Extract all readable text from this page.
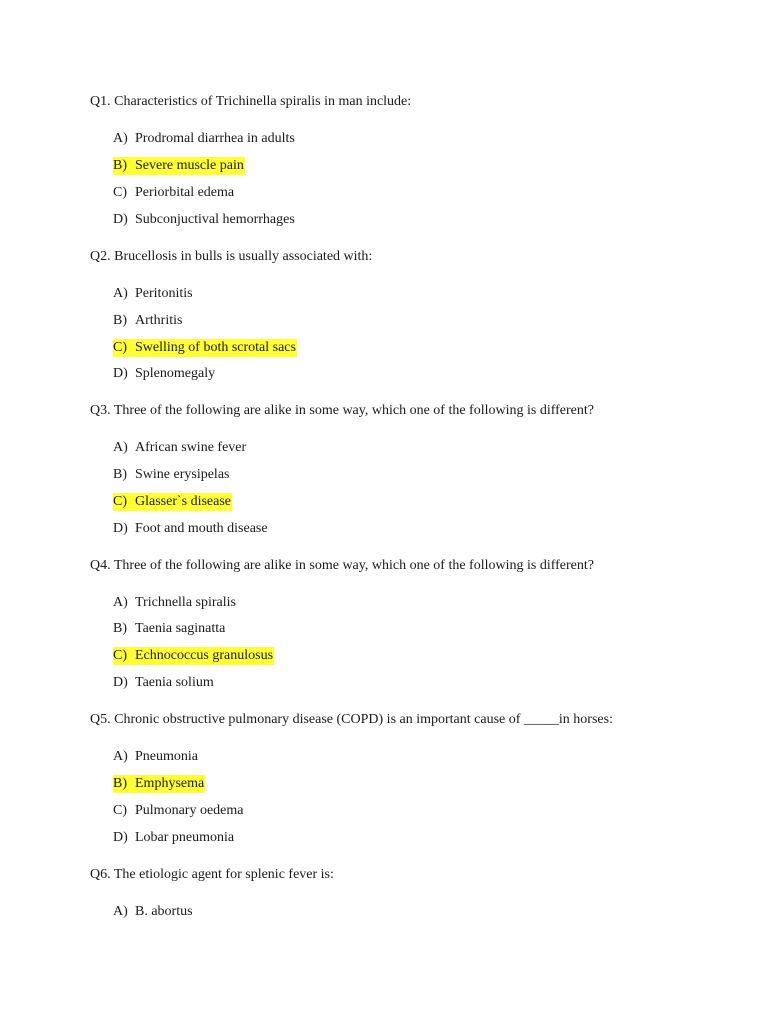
Q1. Characteristics of Trichinella spiralis in man include:

A) Prodromal diarrhea in adults
B) Severe muscle pain
C) Periorbital edema
D) Subconjuctival hemorrhages

Q2. Brucellosis in bulls is usually associated with:

A) Peritonitis
B) Arthritis
C) Swelling of both scrotal sacs
D) Splenomegaly

Q3. Three of the following are alike in some way, which one of the following is different?

A) African swine fever
B) Swine erysipelas
C) Glasser`s disease
D) Foot and mouth disease

Q4. Three of the following are alike in some way, which one of the following is different?

A) Trichnella spiralis
B) Taenia saginatta
C) Echnococcus granulosus
D) Taenia solium

Q5. Chronic obstructive pulmonary disease (COPD) is an important cause of _____in horses:

A) Pneumonia
B) Emphysema
C) Pulmonary oedema
D) Lobar pneumonia

Q6. The etiologic agent for splenic fever is:

A) B. abortus
